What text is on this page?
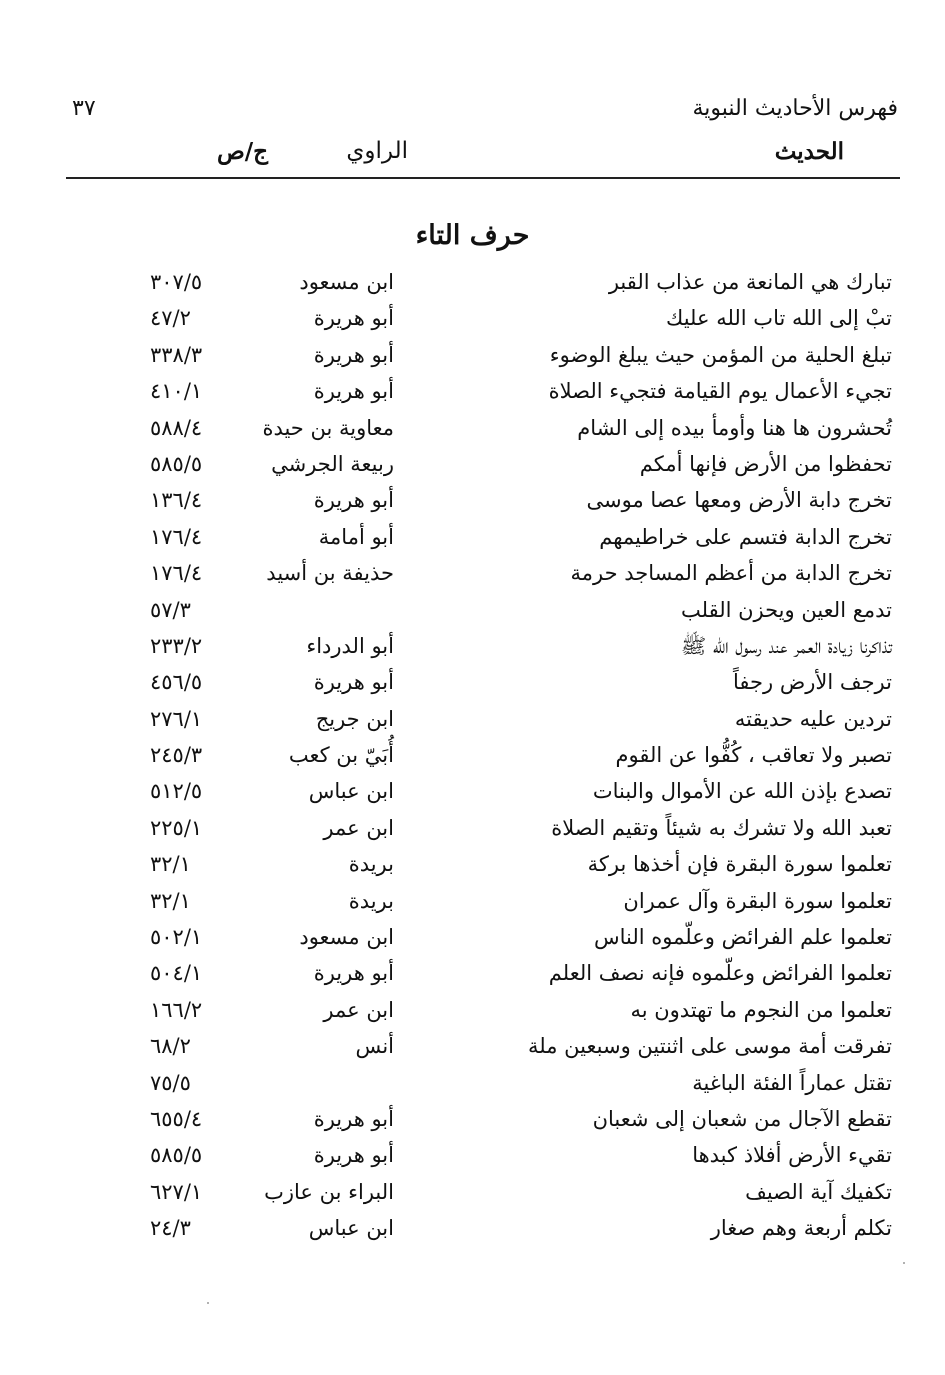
فهرس الأحاديث النبوية
٣٧
الحديث
الراوي
ج/ص
حرف التاء
تبارك هي المانعة من عذاب القبر
ابن مسعود
٣٠٧/٥
تبْ إلى الله تاب الله عليك
أبو هريرة
٤٧/٢
تبلغ الحلية من المؤمن حيث يبلغ الوضوء
أبو هريرة
٣٣٨/٣
تجيء الأعمال يوم القيامة فتجيء الصلاة
أبو هريرة
٤١٠/١
تُحشرون ها هنا وأومأ بيده إلى الشام
معاوية بن حيدة
٥٨٨/٤
تحفظوا من الأرض فإنها أمكم
ربيعة الجرشي
٥٨٥/٥
تخرج دابة الأرض ومعها عصا موسى
أبو هريرة
١٣٦/٤
تخرج الدابة فتسم على خراطيمهم
أبو أمامة
١٧٦/٤
تخرج الدابة من أعظم المساجد حرمة
حذيفة بن أسيد
١٧٦/٤
تدمع العين ويحزن القلب
٥٧/٣
تذاكرنا زيادة العمر عند رسول الله ﷺ
أبو الدرداء
٢٣٣/٢
ترجف الأرض رجفاً
أبو هريرة
٤٥٦/٥
تردين عليه حديقته
ابن جريج
٢٧٦/١
تصبر ولا تعاقب ، كُفُّوا عن القوم
أُبَيّ بن كعب
٢٤٥/٣
تصدع بإذن الله عن الأموال والبنات
ابن عباس
٥١٢/٥
تعبد الله ولا تشرك به شيئاً وتقيم الصلاة
ابن عمر
٢٢٥/١
تعلموا سورة البقرة فإن أخذها بركة
بريدة
٣٢/١
تعلموا سورة البقرة وآل عمران
بريدة
٣٢/١
تعلموا علم الفرائض وعلّموه الناس
ابن مسعود
٥٠٢/١
تعلموا الفرائض وعلّموه فإنه نصف العلم
أبو هريرة
٥٠٤/١
تعلموا من النجوم ما تهتدون به
ابن عمر
١٦٦/٢
تفرقت أمة موسى على اثنتين وسبعين ملة
أنس
٦٨/٢
تقتل عماراً الفئة الباغية
٧٥/٥
تقطع الآجال من شعبان إلى شعبان
أبو هريرة
٦٥٥/٤
تقيء الأرض أفلاذ كبدها
أبو هريرة
٥٨٥/٥
تكفيك آية الصيف
البراء بن عازب
٦٢٧/١
تكلم أربعة وهم صغار
ابن عباس
٢٤/٣
